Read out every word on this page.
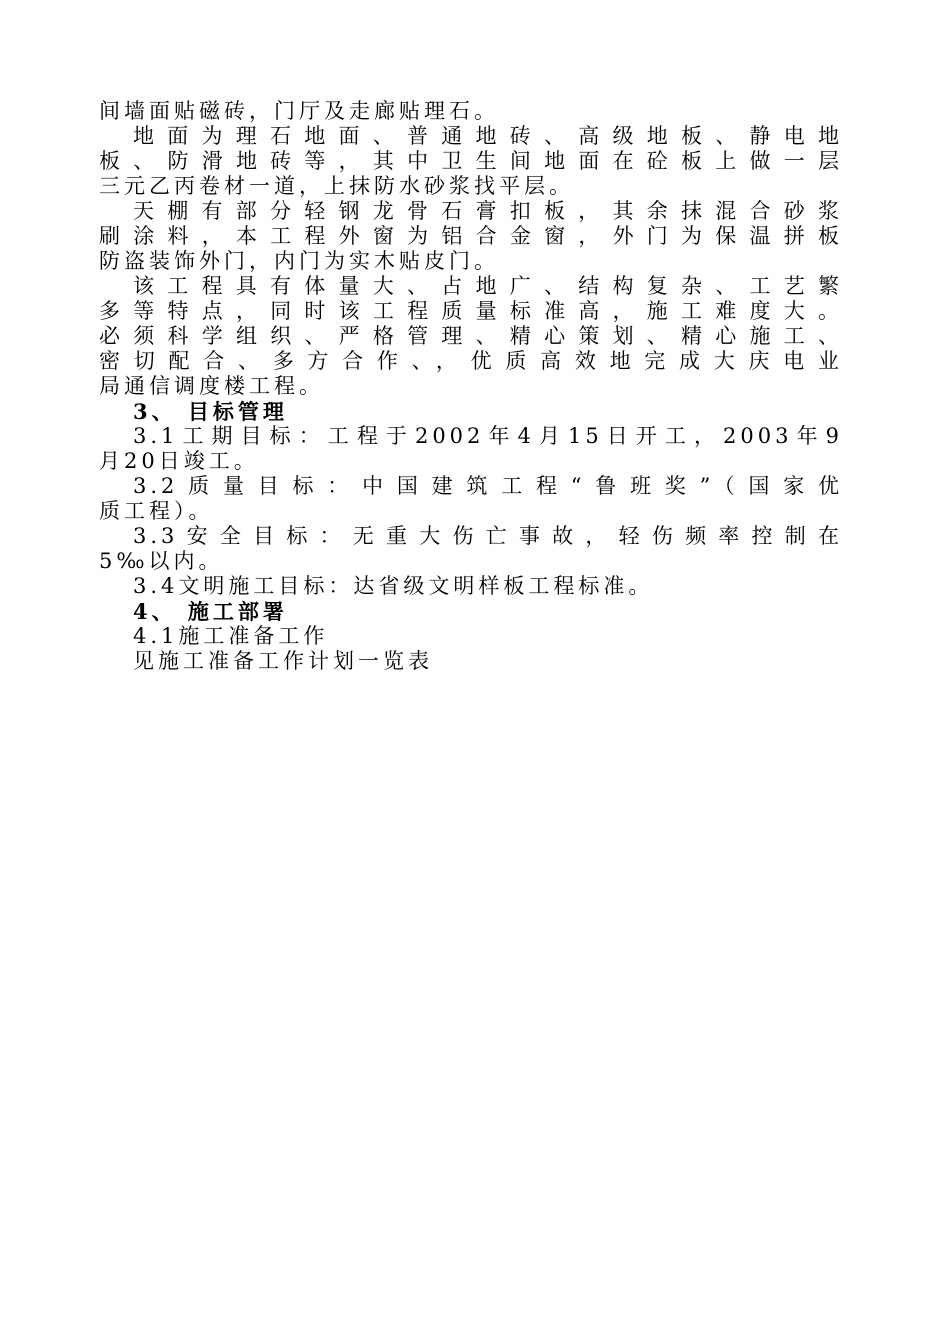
间墙面贴磁砖，门厅及走廊贴理石。
地面为理石地面、普通地砖、高级地板、静电地
板、防滑地砖等，其中卫生间地面在砼板上做一层
三元乙丙卷材一道，上抹防水砂浆找平层。
天棚有部分轻钢龙骨石膏扣板，其余抹混合砂浆
刷涂料，本工程外窗为铝合金窗，外门为保温拼板
防盗装饰外门，内门为实木贴皮门。
该工程具有体量大、占地广、结构复杂、工艺繁
多等特点，同时该工程质量标准高，施工难度大。
必须科学组织、严格管理、精心策划、精心施工、
密切配合、多方合作、，优质高效地完成大庆电业
局通信调度楼工程。
3、 目标管理
3.1工期目标：工程于2002年4月15日开工，2003年9
月20日竣工。
3.2质量目标：中国建筑工程“鲁班奖”（国家优
质工程）。
3.3安全目标：无重大伤亡事故，轻伤频率控制在
5‰以内。
3.4文明施工目标：达省级文明样板工程标准。
4、 施工部署
4.1施工准备工作
见施工准备工作计划一览表
